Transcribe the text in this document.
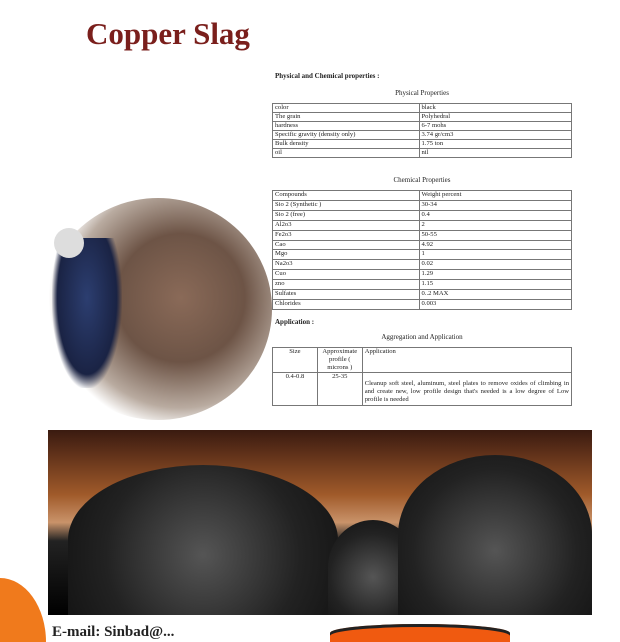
Copper Slag
Physical and Chemical properties :
Physical Properties
color	black
The grain	Polyhedral
hardness	6-7 mohs
Specific gravity (density only)	3.74 gr/cm3
Bulk density	1.75 ton
oil	nil
Chemical Properties
Compounds	Weight percent
Sio 2 (Synthetic )	30-34
Sio 2 (free)	0.4
Al2o3	2
Fe2o3	50-55
Cao	4.92
Mgo	1
Na2o3	0.02
Cuo	1.29
zno	1.15
Sulfates	0..2 MAX
Chlorides	0.003
Application :
Aggregation and Application
Size	Approximate profile ( microns )	Application
0.4-0.8	25-35	Cleanup soft steel, aluminum, steel plates to remove oxides of climbing in and create new, low profile design that's needed is a low degree of Low profile is needed
E-mail: Sinbad@...
